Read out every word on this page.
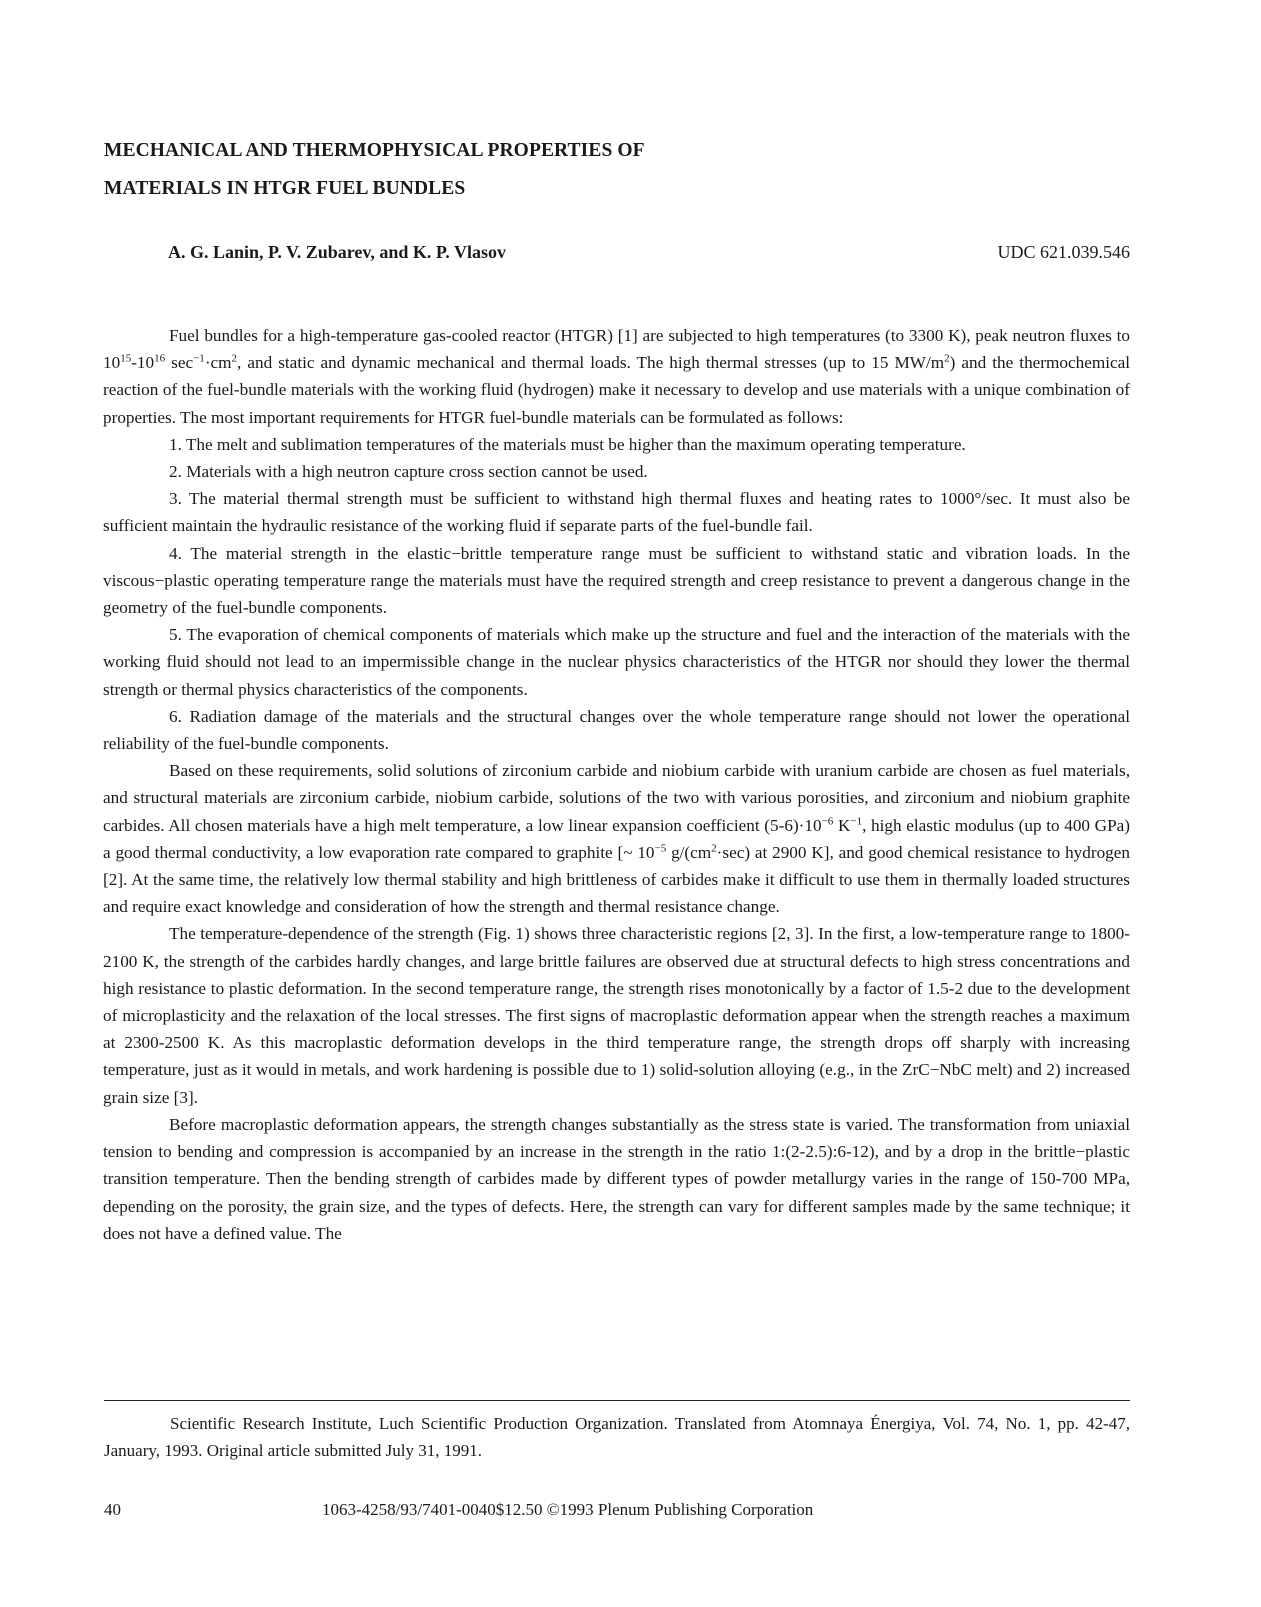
MECHANICAL AND THERMOPHYSICAL PROPERTIES OF
MATERIALS IN HTGR FUEL BUNDLES
A. G. Lanin, P. V. Zubarev, and K. P. Vlasov	UDC 621.039.546

Fuel bundles for a high-temperature gas-cooled reactor (HTGR) [1] are subjected to high temperatures (to 3300 K), peak neutron fluxes to $10^{15}-10^{16}$ $\sec^{-1}\cdot cm^2$, and static and dynamic mechanical and thermal loads. The high thermal stresses (up to 15 $MW/m^2$) and the thermochemical reaction of the fuel-bundle materials with the working fluid (hydrogen) make it necessary to develop and use materials with a unique combination of properties. The most important requirements for HTGR fuel-bundle materials can be formulated as follows:

1. The melt and sublimation temperatures of the materials must be higher than the maximum operating temperature.

2. Materials with a high neutron capture cross section cannot be used.

3. The material thermal strength must be sufficient to withstand high thermal fluxes and heating rates to 1000°/sec. It must also be sufficient maintain the hydraulic resistance of the working fluid if separate parts of the fuel-bundle fail.

4. The material strength in the elastic−brittle temperature range must be sufficient to withstand static and vibration loads. In the viscous−plastic operating temperature range the materials must have the required strength and creep resistance to prevent a dangerous change in the geometry of the fuel-bundle components.

5. The evaporation of chemical components of materials which make up the structure and fuel and the interaction of the materials with the working fluid should not lead to an impermissible change in the nuclear physics characteristics of the HTGR nor should they lower the thermal strength or thermal physics characteristics of the components.

6. Radiation damage of the materials and the structural changes over the whole temperature range should not lower the operational reliability of the fuel-bundle components.

Based on these requirements, solid solutions of zirconium carbide and niobium carbide with uranium carbide are chosen as fuel materials, and structural materials are zirconium carbide, niobium carbide, solutions of the two with various porosities, and zirconium and niobium graphite carbides. All chosen materials have a high melt temperature, a low linear expansion coefficient $(5-6)\cdot 10^{-6}$ $K^{-1}$, high elastic modulus (up to 400 GPa) a good thermal conductivity, a low evaporation rate compared to graphite [~ $10^{-5}$ $g/(cm^2\cdot\sec)$ at 2900 K], and good chemical resistance to hydrogen [2]. At the same time, the relatively low thermal stability and high brittleness of carbides make it difficult to use them in thermally loaded structures and require exact knowledge and consideration of how the strength and thermal resistance change.

The temperature-dependence of the strength (Fig. 1) shows three characteristic regions [2, 3]. In the first, a low-temperature range to 1800-2100 K, the strength of the carbides hardly changes, and large brittle failures are observed due at structural defects to high stress concentrations and high resistance to plastic deformation. In the second temperature range, the strength rises monotonically by a factor of 1.5-2 due to the development of microplasticity and the relaxation of the local stresses. The first signs of macroplastic deformation appear when the strength reaches a maximum at 2300-2500 K. As this macroplastic deformation develops in the third temperature range, the strength drops off sharply with increasing temperature, just as it would in metals, and work hardening is possible due to 1) solid-solution alloying (e.g., in the ZrC−NbC melt) and 2) increased grain size [3].

Before macroplastic deformation appears, the strength changes substantially as the stress state is varied. The transformation from uniaxial tension to bending and compression is accompanied by an increase in the strength in the ratio 1:(2-2.5):6-12), and by a drop in the brittle−plastic transition temperature. Then the bending strength of carbides made by different types of powder metallurgy varies in the range of 150-700 MPa, depending on the porosity, the grain size, and the types of defects. Here, the strength can vary for different samples made by the same technique; it does not have a defined value. The

Scientific Research Institute, Luch Scientific Production Organization. Translated from Atomnaya Énergiya, Vol. 74, No. 1, pp. 42-47, January, 1993. Original article submitted July 31, 1991.

40	1063-4258/93/7401-0040$12.50 ©1993 Plenum Publishing Corporation
